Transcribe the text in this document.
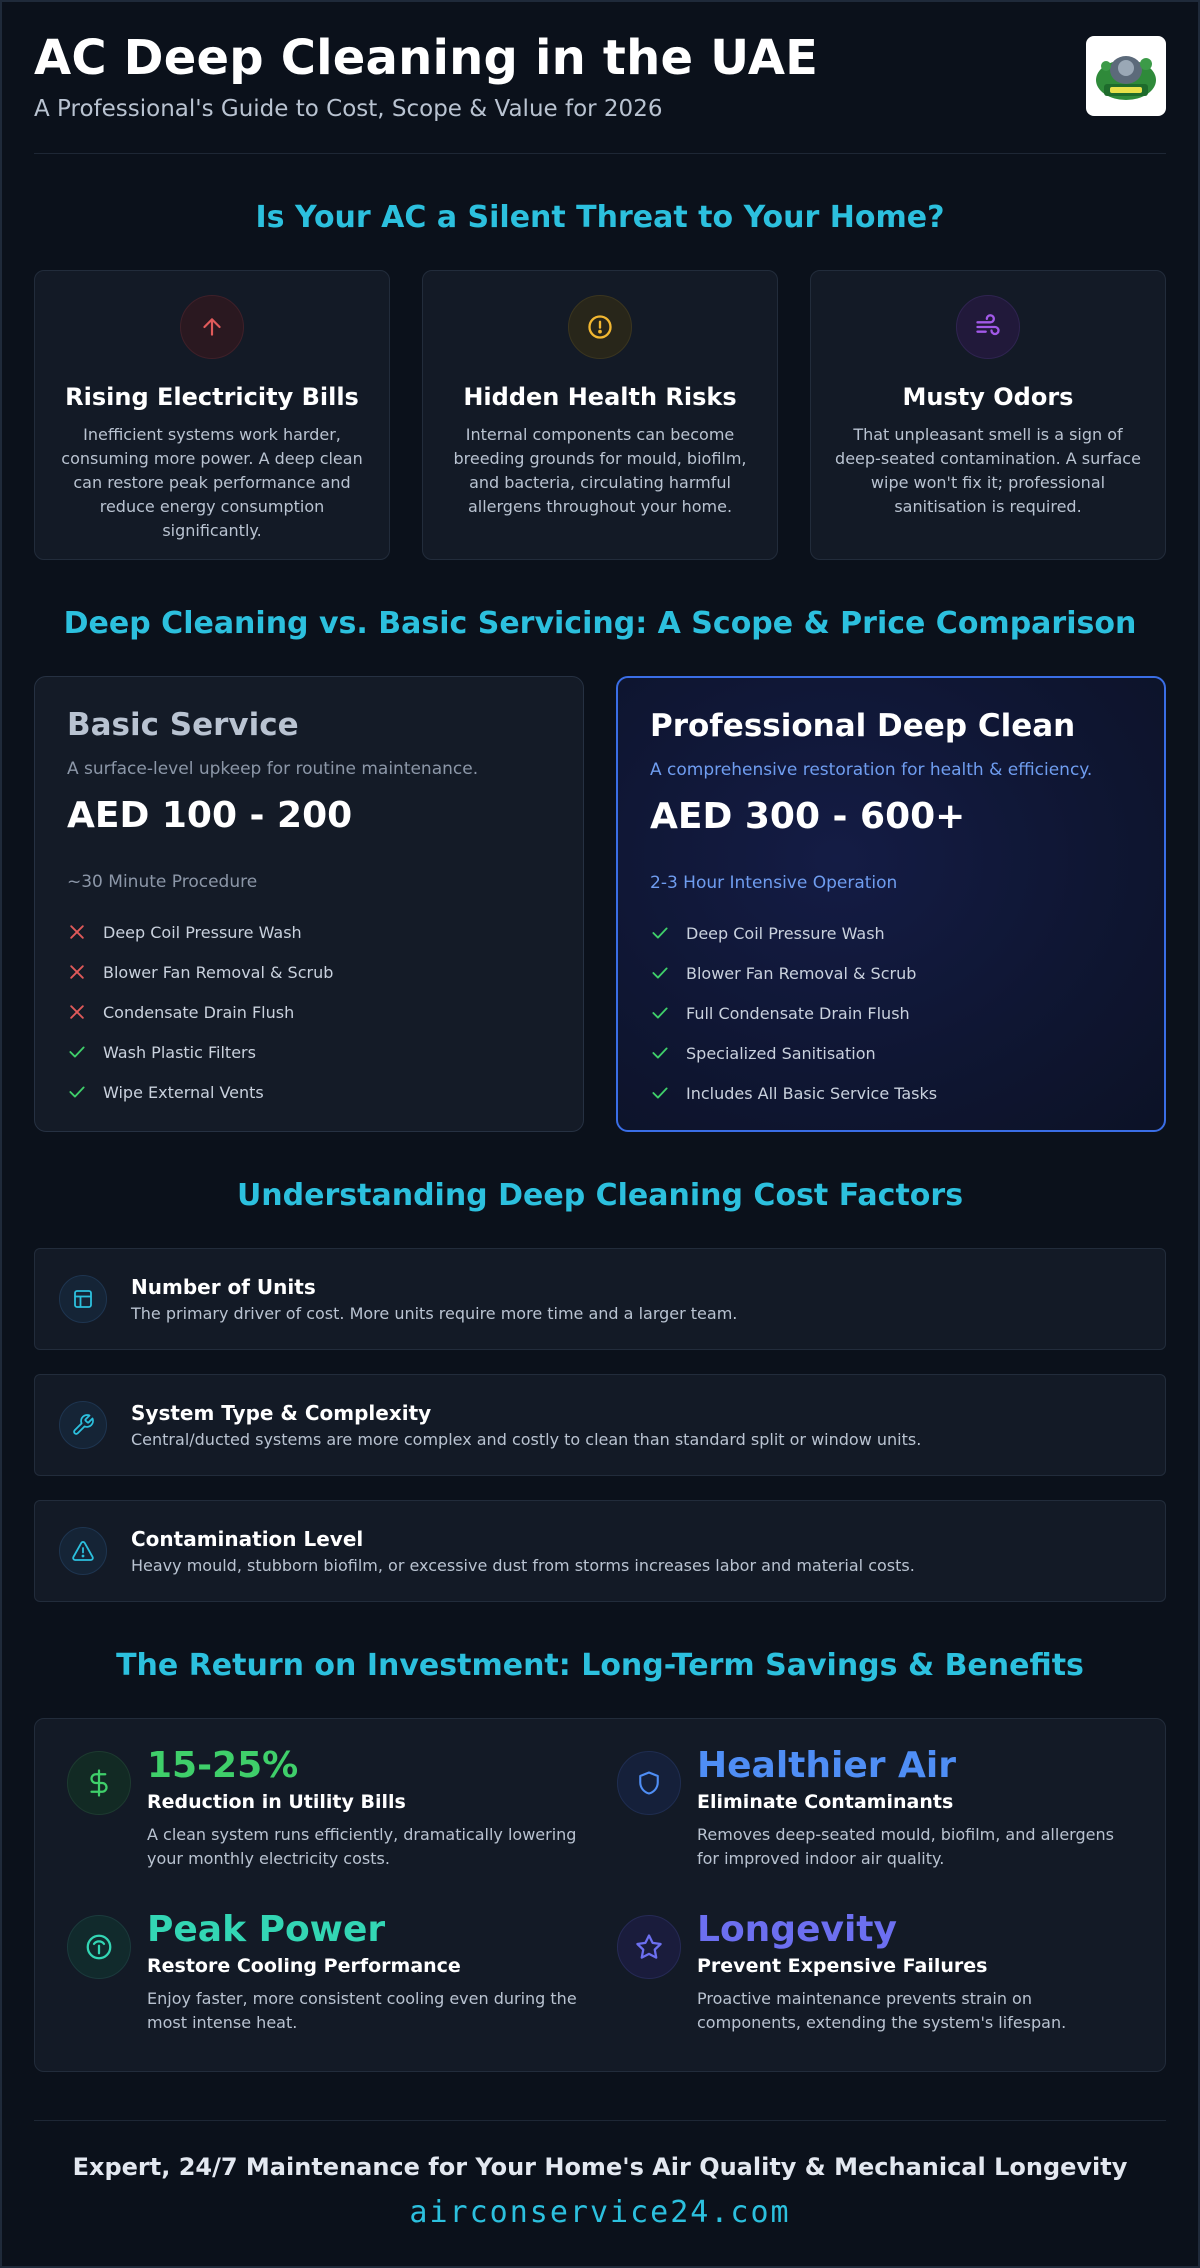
AC Deep Cleaning in the UAE
A Professional's Guide to Cost, Scope & Value for 2026
Is Your AC a Silent Threat to Your Home?
Rising Electricity Bills
Inefficient systems work harder, consuming more power. A deep clean can restore peak performance and reduce energy consumption significantly.
Hidden Health Risks
Internal components can become breeding grounds for mould, biofilm, and bacteria, circulating harmful allergens throughout your home.
Musty Odors
That unpleasant smell is a sign of deep-seated contamination. A surface wipe won't fix it; professional sanitisation is required.
Deep Cleaning vs. Basic Servicing: A Scope & Price Comparison
Basic Service
A surface-level upkeep for routine maintenance.
AED 100 - 200
~30 Minute Procedure
Deep Coil Pressure Wash
Blower Fan Removal & Scrub
Condensate Drain Flush
Wash Plastic Filters
Wipe External Vents
Professional Deep Clean
A comprehensive restoration for health & efficiency.
AED 300 - 600+
2-3 Hour Intensive Operation
Deep Coil Pressure Wash
Blower Fan Removal & Scrub
Full Condensate Drain Flush
Specialized Sanitisation
Includes All Basic Service Tasks
Understanding Deep Cleaning Cost Factors
Number of Units
The primary driver of cost. More units require more time and a larger team.
System Type & Complexity
Central/ducted systems are more complex and costly to clean than standard split or window units.
Contamination Level
Heavy mould, stubborn biofilm, or excessive dust from storms increases labor and material costs.
The Return on Investment: Long-Term Savings & Benefits
15-25%
Reduction in Utility Bills
A clean system runs efficiently, dramatically lowering your monthly electricity costs.
Healthier Air
Eliminate Contaminants
Removes deep-seated mould, biofilm, and allergens for improved indoor air quality.
Peak Power
Restore Cooling Performance
Enjoy faster, more consistent cooling even during the most intense heat.
Longevity
Prevent Expensive Failures
Proactive maintenance prevents strain on components, extending the system's lifespan.
Expert, 24/7 Maintenance for Your Home's Air Quality & Mechanical Longevity
airconservice24.com
